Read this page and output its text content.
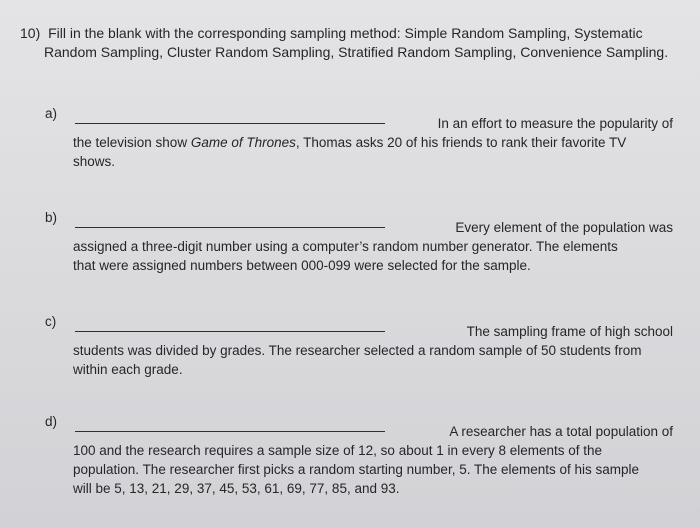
10) Fill in the blank with the corresponding sampling method: Simple Random Sampling, Systematic
Random Sampling, Cluster Random Sampling, Stratified Random Sampling, Convenience Sampling.
a)
In an effort to measure the popularity of
the television show Game of Thrones, Thomas asks 20 of his friends to rank their favorite TV
shows.
b)
Every element of the population was
assigned a three-digit number using a computer’s random number generator. The elements
that were assigned numbers between 000-099 were selected for the sample.
c)
The sampling frame of high school
students was divided by grades. The researcher selected a random sample of 50 students from
within each grade.
d)
A researcher has a total population of
100 and the research requires a sample size of 12, so about 1 in every 8 elements of the
population. The researcher first picks a random starting number, 5. The elements of his sample
will be 5, 13, 21, 29, 37, 45, 53, 61, 69, 77, 85, and 93.
